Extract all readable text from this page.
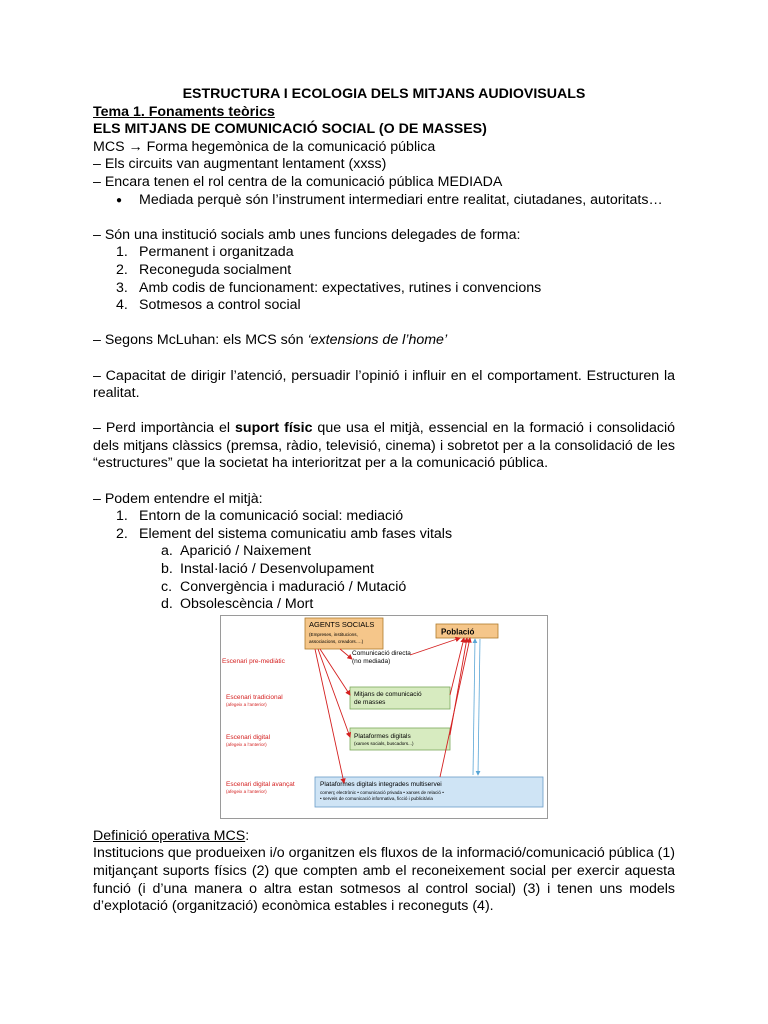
ESTRUCTURA I ECOLOGIA DELS MITJANS AUDIOVISUALS

Tema 1. Fonaments teòrics

ELS MITJANS DE COMUNICACIÓ SOCIAL (O DE MASSES)

MCS → Forma hegemònica de la comunicació pública

– Els circuits van augmentant lentament (xxss)

– Encara tenen el rol centra de la comunicació pública MEDIADA

● Mediada perquè són l’instrument intermediari entre realitat, ciutadanes, autoritats…

– Són una institució socials amb unes funcions delegades de forma:

1. Permanent i organitzada
2. Reconeguda socialment
3. Amb codis de funcionament: expectatives, rutines i convencions
4. Sotmesos a control social

– Segons McLuhan: els MCS són ‘extensions de l’home’

– Capacitat de dirigir l’atenció, persuadir l’opinió i influir en el comportament. Estructuren la realitat.

– Perd importància el suport físic que usa el mitjà, essencial en la formació i consolidació dels mitjans clàssics (premsa, ràdio, televisió, cinema) i sobretot per a la consolidació de les “estructures” que la societat ha interioritzat per a la comunicació pública.

– Podem entendre el mitjà:

1. Entorn de la comunicació social: mediació
2. Element del sistema comunicatiu amb fases vitals
a. Aparició / Naixement
b. Instal·lació / Desenvolupament
c. Convergència i maduració / Mutació
d. Obsolescència / Mort
AGENTS SOCIALS
(Empreses, institucions,
associacions, creadors….)
Població
Comunicació directa
(no mediada)
Mitjans de comunicació
de masses
Plataformes digitals
(xarxes socials, buscadors...)
Plataformes digitals integrades multiservei
comerç electrònic • comunicació privada • xarxes de relació •
• serveis de comunicació informativa, ficció i publicitària
Escenari pre-mediàtic
Escenari tradicional
(afegeix a l’anterior)
Escenari digital
(afegeix a l’anterior)
Escenari digital avançat
(afegeix a l’anterior)

Definició operativa MCS:

Institucions que produeixen i/o organitzen els fluxos de la informació/comunicació pública (1) mitjançant suports físics (2) que compten amb el reconeixement social per exercir aquesta funció (i d’una manera o altra estan sotmesos al control social) (3) i tenen uns models d’explotació (organització) econòmica estables i reconeguts (4).
